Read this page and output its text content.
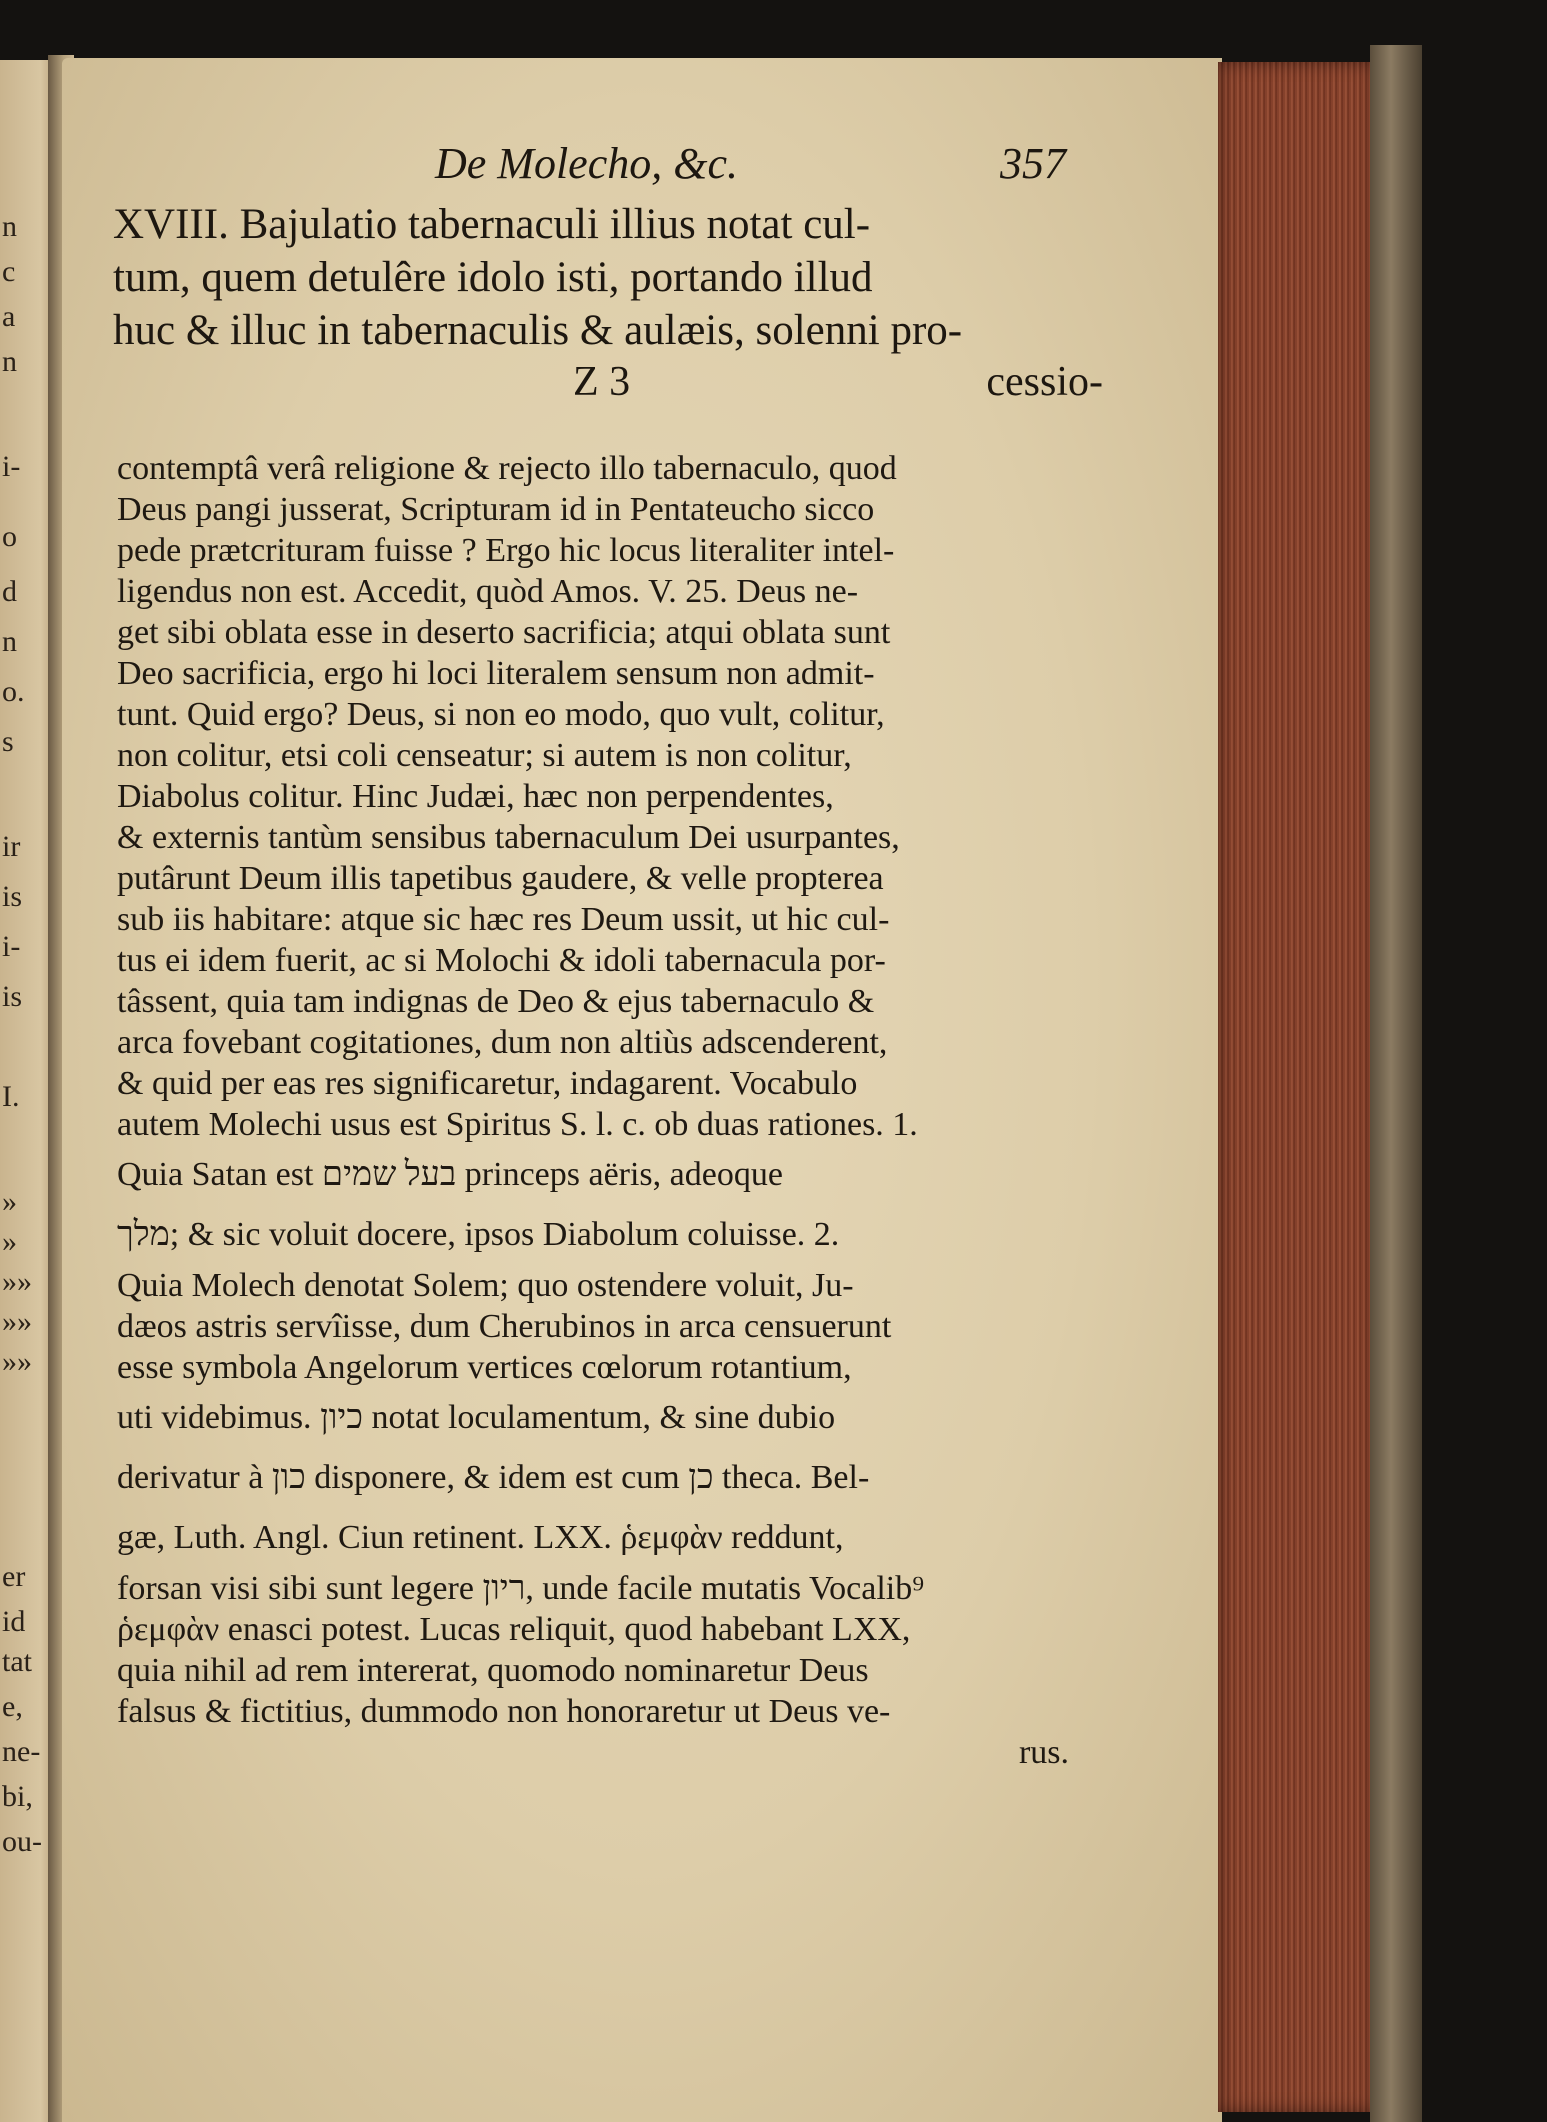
n
c
a
n
i-
o
d
n
o.
s
ir
is
i-
is
I.
»
»
»»
»»
»»
er
id
tat
e,
ne-
bi,
ou-
De Molecho, &c.	357
XVIII. Bajulatio tabernaculi illius notat cul-
tum, quem detulêre idolo isti, portando illud
huc & illuc in tabernaculis & aulæis, solenni pro-
Z 3	cessio-
contemptâ verâ religione & rejecto illo tabernaculo, quod
Deus pangi jusserat, Scripturam id in Pentateucho sicco
pede prætcrituram fuisse ? Ergo hic locus literaliter intel-
ligendus non est. Accedit, quòd Amos. V. 25. Deus ne-
get sibi oblata esse in deserto sacrificia; atqui oblata sunt
Deo sacrificia, ergo hi loci literalem sensum non admit-
tunt. Quid ergo? Deus, si non eo modo, quo vult, colitur,
non colitur, etsi coli censeatur; si autem is non colitur,
Diabolus colitur. Hinc Judæi, hæc non perpendentes,
& externis tantùm sensibus tabernaculum Dei usurpantes,
putârunt Deum illis tapetibus gaudere, & velle propterea
sub iis habitare: atque sic hæc res Deum ussit, ut hic cul-
tus ei idem fuerit, ac si Molochi & idoli tabernacula por-
tâssent, quia tam indignas de Deo & ejus tabernaculo &
arca fovebant cogitationes, dum non altiùs adscenderent,
& quid per eas res significaretur, indagarent. Vocabulo
autem Molechi usus est Spiritus S. l. c. ob duas rationes. 1.
Quia Satan est בעל שמים princeps aëris, adeoque
מלך; & sic voluit docere, ipsos Diabolum coluisse. 2.
Quia Molech denotat Solem; quo ostendere voluit, Ju-
dæos astris servîisse, dum Cherubinos in arca censuerunt
esse symbola Angelorum vertices cœlorum rotantium,
uti videbimus. כיון notat loculamentum, & sine dubio
derivatur à כון disponere, & idem est cum כן theca. Bel-
gæ, Luth. Angl. Ciun retinent. LXX. ῥεμφὰν reddunt,
forsan visi sibi sunt legere ריון, unde facile mutatis Vocalib⁹
ῥεμφὰν enasci potest. Lucas reliquit, quod habebant LXX,
quia nihil ad rem intererat, quomodo nominaretur Deus
falsus & fictitius, dummodo non honoraretur ut Deus ve-
rus.
